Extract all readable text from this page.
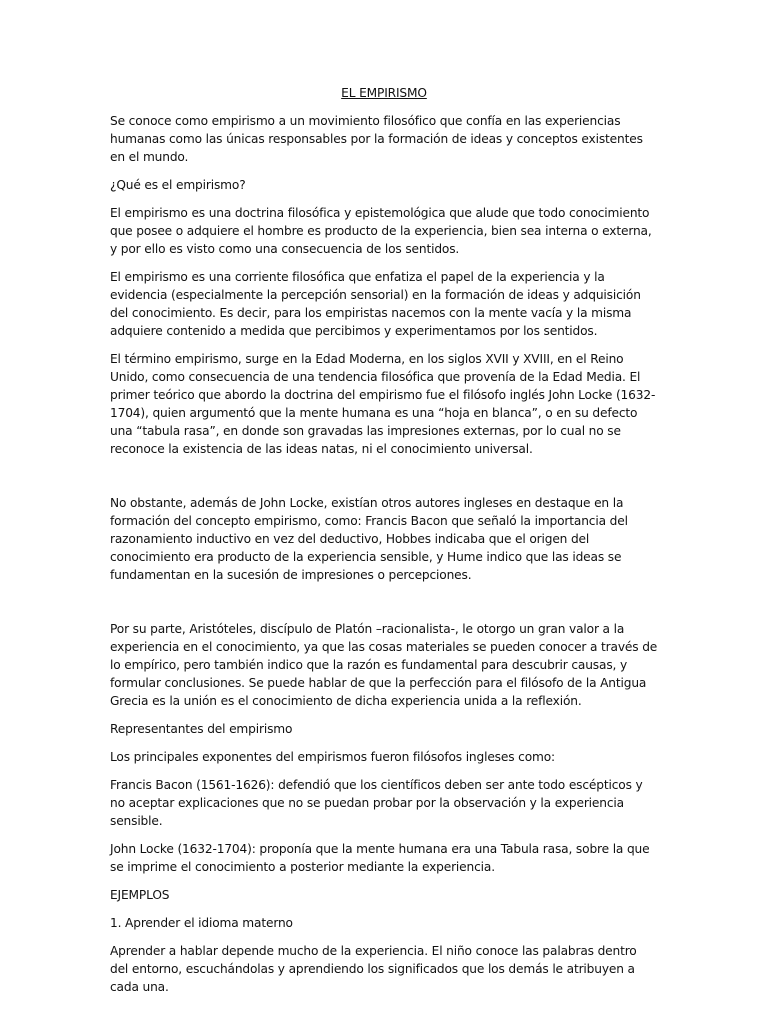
EL EMPIRISMO

Se conoce como empirismo a un movimiento filosófico que confía en las experiencias humanas como las únicas responsables por la formación de ideas y conceptos existentes en el mundo.

¿Qué es el empirismo?

El empirismo es una doctrina filosófica y epistemológica que alude que todo conocimiento que posee o adquiere el hombre es producto de la experiencia, bien sea interna o externa, y por ello es visto como una consecuencia de los sentidos.

El empirismo es una corriente filosófica que enfatiza el papel de la experiencia y la evidencia (especialmente la percepción sensorial) en la formación de ideas y adquisición del conocimiento. Es decir, para los empiristas nacemos con la mente vacía y la misma adquiere contenido a medida que percibimos y experimentamos por los sentidos.

El término empirismo, surge en la Edad Moderna, en los siglos XVII y XVIII, en el Reino Unido, como consecuencia de una tendencia filosófica que provenía de la Edad Media. El primer teórico que abordo la doctrina del empirismo fue el filósofo inglés John Locke (1632-1704), quien argumentó que la mente humana es una “hoja en blanca”, o en su defecto una “tabula rasa”, en donde son gravadas las impresiones externas, por lo cual no se reconoce la existencia de las ideas natas, ni el conocimiento universal.

No obstante, además de John Locke, existían otros autores ingleses en destaque en la formación del concepto empirismo, como: Francis Bacon que señaló la importancia del razonamiento inductivo en vez del deductivo, Hobbes indicaba que el origen del conocimiento era producto de la experiencia sensible, y Hume indico que las ideas se fundamentan en la sucesión de impresiones o percepciones.

Por su parte, Aristóteles, discípulo de Platón –racionalista-, le otorgo un gran valor a la experiencia en el conocimiento, ya que las cosas materiales se pueden conocer a través de lo empírico, pero también indico que la razón es fundamental para descubrir causas, y formular conclusiones. Se puede hablar de que la perfección para el filósofo de la Antigua Grecia es la unión es el conocimiento de dicha experiencia unida a la reflexión.

Representantes del empirismo

Los principales exponentes del empirismos fueron filósofos ingleses como:

Francis Bacon (1561-1626): defendió que los científicos deben ser ante todo escépticos y no aceptar explicaciones que no se puedan probar por la observación y la experiencia sensible.

John Locke (1632-1704): proponía que la mente humana era una Tabula rasa, sobre la que se imprime el conocimiento a posterior mediante la experiencia.

EJEMPLOS

1. Aprender el idioma materno

Aprender a hablar depende mucho de la experiencia. El niño conoce las palabras dentro del entorno, escuchándolas y aprendiendo los significados que los demás le atribuyen a cada una.
